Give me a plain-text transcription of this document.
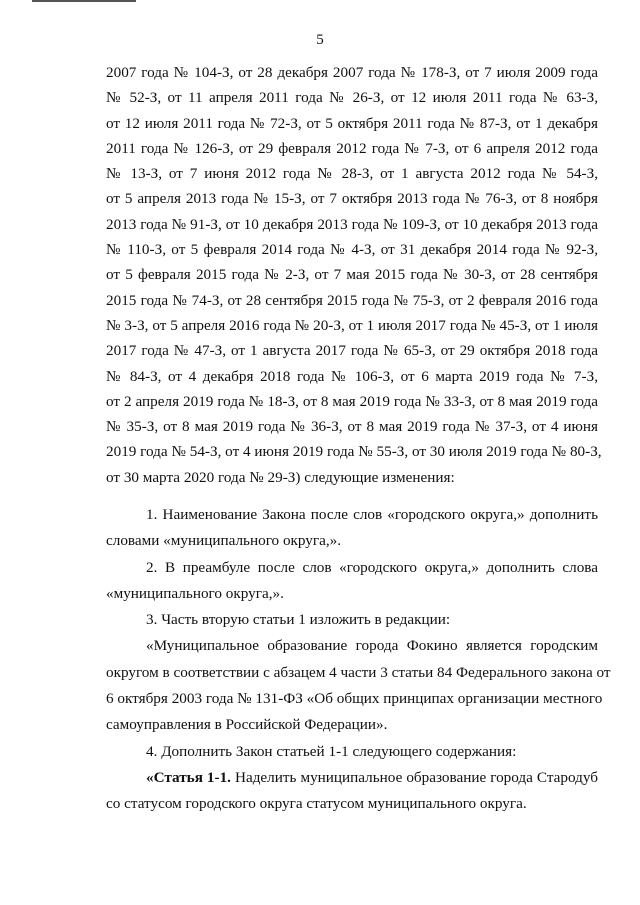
5
2007 года № 104-З, от 28 декабря 2007 года № 178-З, от 7 июля 2009 года
№ 52-З, от 11 апреля 2011 года № 26-З, от 12 июля 2011 года № 63-З,
от 12 июля 2011 года № 72-З, от 5 октября 2011 года № 87-З, от 1 декабря
2011 года № 126-З, от 29 февраля 2012 года № 7-З, от 6 апреля 2012 года
№ 13-З, от 7 июня 2012 года № 28-З, от 1 августа 2012 года № 54-З,
от 5 апреля 2013 года № 15-З, от 7 октября 2013 года № 76-З, от 8 ноября
2013 года № 91-З, от 10 декабря 2013 года № 109-З, от 10 декабря 2013 года
№ 110-З, от 5 февраля 2014 года № 4-З, от 31 декабря 2014 года № 92-З,
от 5 февраля 2015 года № 2-З, от 7 мая 2015 года № 30-З, от 28 сентября
2015 года № 74-З, от 28 сентября 2015 года № 75-З, от 2 февраля 2016 года
№ 3-З, от 5 апреля 2016 года № 20-З, от 1 июля 2017 года № 45-З, от 1 июля
2017 года № 47-З, от 1 августа 2017 года № 65-З, от 29 октября 2018 года
№ 84-З, от 4 декабря 2018 года № 106-З, от 6 марта 2019 года № 7-З,
от 2 апреля 2019 года № 18-З, от 8 мая 2019 года № 33-З, от 8 мая 2019 года
№ 35-З, от 8 мая 2019 года № 36-З, от 8 мая 2019 года № 37-З, от 4 июня
2019 года № 54-З, от 4 июня 2019 года № 55-З, от 30 июля 2019 года № 80-З,
от 30 марта 2020 года № 29-З) следующие изменения:
1. Наименование Закона после слов «городского округа,» дополнить
словами «муниципального округа,».
2. В преамбуле после слов «городского округа,» дополнить слова
«муниципального округа,».
3. Часть вторую статьи 1 изложить в редакции:
«Муниципальное образование города Фокино является городским
округом в соответствии с абзацем 4 части 3 статьи 84 Федерального закона от
6 октября 2003 года № 131-ФЗ «Об общих принципах организации местного
самоуправления в Российской Федерации».
4. Дополнить Закон статьей 1-1 следующего содержания:
«Статья 1-1. Наделить муниципальное образование города Стародуб
со статусом городского округа статусом муниципального округа.
